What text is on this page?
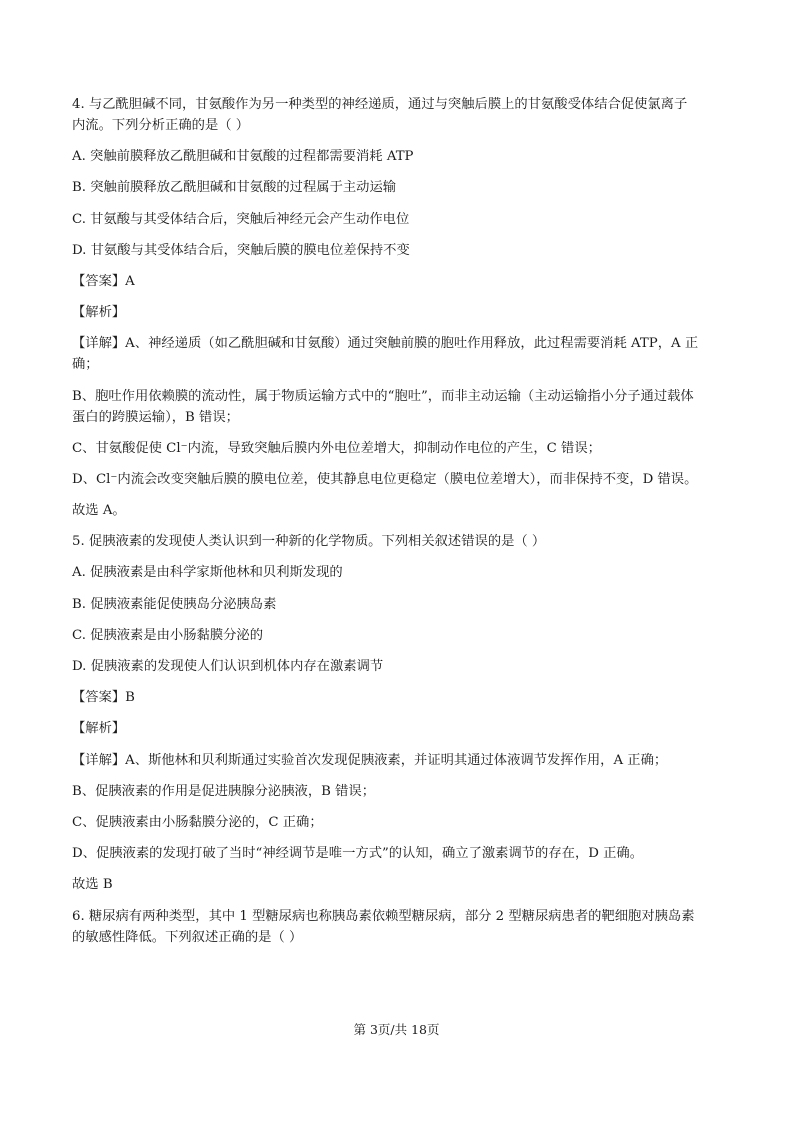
4. 与乙酰胆碱不同，甘氨酸作为另一种类型的神经递质，通过与突触后膜上的甘氨酸受体结合促使氯离子

内流。下列分析正确的是（ ）

A. 突触前膜释放乙酰胆碱和甘氨酸的过程都需要消耗 ATP

B. 突触前膜释放乙酰胆碱和甘氨酸的过程属于主动运输

C. 甘氨酸与其受体结合后，突触后神经元会产生动作电位

D. 甘氨酸与其受体结合后，突触后膜的膜电位差保持不变

【答案】A

【解析】

【详解】A、神经递质（如乙酰胆碱和甘氨酸）通过突触前膜的胞吐作用释放，此过程需要消耗 ATP，A 正

确；

B、胞吐作用依赖膜的流动性，属于物质运输方式中的“胞吐”，而非主动运输（主动运输指小分子通过载体

蛋白的跨膜运输），B 错误；

C、甘氨酸促使 Cl⁻内流，导致突触后膜内外电位差增大，抑制动作电位的产生，C 错误；

D、Cl⁻内流会改变突触后膜的膜电位差，使其静息电位更稳定（膜电位差增大），而非保持不变，D 错误。

故选 A。

5. 促胰液素的发现使人类认识到一种新的化学物质。下列相关叙述错误的是（ ）

A. 促胰液素是由科学家斯他林和贝利斯发现的

B. 促胰液素能促使胰岛分泌胰岛素

C. 促胰液素是由小肠黏膜分泌的

D. 促胰液素的发现使人们认识到机体内存在激素调节

【答案】B

【解析】

【详解】A、斯他林和贝利斯通过实验首次发现促胰液素，并证明其通过体液调节发挥作用，A 正确；

B、促胰液素的作用是促进胰腺分泌胰液，B 错误；

C、促胰液素由小肠黏膜分泌的，C 正确；

D、促胰液素的发现打破了当时“神经调节是唯一方式”的认知，确立了激素调节的存在，D 正确。

故选 B

6. 糖尿病有两种类型，其中 1 型糖尿病也称胰岛素依赖型糖尿病，部分 2 型糖尿病患者的靶细胞对胰岛素

的敏感性降低。下列叙述正确的是（ ）

第 3页/共 18页
